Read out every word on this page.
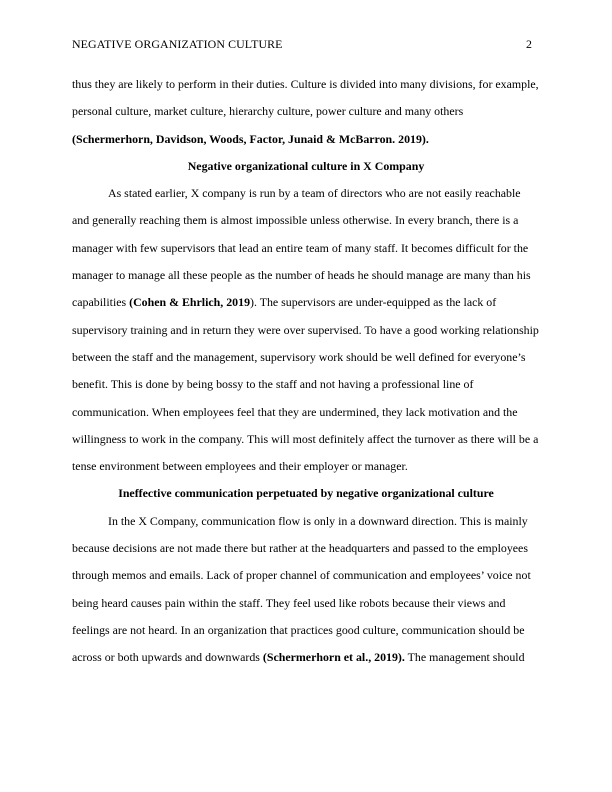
NEGATIVE ORGANIZATION CULTURE	2

thus they are likely to perform in their duties. Culture is divided into many divisions, for example, personal culture, market culture, hierarchy culture, power culture and many others (Schermerhorn, Davidson, Woods, Factor, Junaid & McBarron. 2019).

Negative organizational culture in X Company

As stated earlier, X company is run by a team of directors who are not easily reachable and generally reaching them is almost impossible unless otherwise. In every branch, there is a manager with few supervisors that lead an entire team of many staff. It becomes difficult for the manager to manage all these people as the number of heads he should manage are many than his capabilities (Cohen & Ehrlich, 2019). The supervisors are under-equipped as the lack of supervisory training and in return they were over supervised. To have a good working relationship between the staff and the management, supervisory work should be well defined for everyone’s benefit. This is done by being bossy to the staff and not having a professional line of communication. When employees feel that they are undermined, they lack motivation and the willingness to work in the company. This will most definitely affect the turnover as there will be a tense environment between employees and their employer or manager.

Ineffective communication perpetuated by negative organizational culture

In the X Company, communication flow is only in a downward direction. This is mainly because decisions are not made there but rather at the headquarters and passed to the employees through memos and emails. Lack of proper channel of communication and employees’ voice not being heard causes pain within the staff. They feel used like robots because their views and feelings are not heard. In an organization that practices good culture, communication should be across or both upwards and downwards (Schermerhorn et al., 2019). The management should
